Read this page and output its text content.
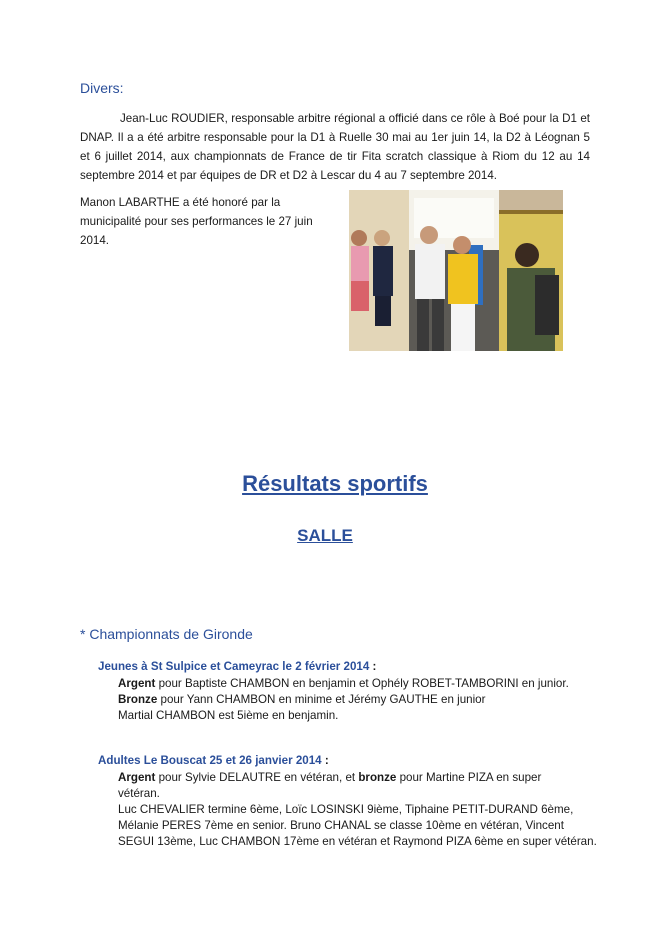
Divers:

Jean-Luc ROUDIER, responsable arbitre régional a officié dans ce rôle à Boé pour la D1 et DNAP. Il a a été arbitre responsable pour la D1 à Ruelle 30 mai au 1er juin 14, la D2 à Léognan 5 et 6 juillet 2014, aux championnats de France de tir Fita scratch classique à Riom du 12 au 14 septembre 2014 et par équipes de DR et D2 à Lescar du 4 au 7 septembre 2014.

Manon LABARTHE a été honoré par la municipalité pour ses performances le 27 juin 2014.

Résultats sportifs
SALLE
* Championnats de Gironde
Jeunes à St Sulpice et Cameyrac le 2 février 2014 :
Argent pour Baptiste CHAMBON en benjamin et Ophély ROBET-TAMBORINI en junior.
Bronze pour Yann CHAMBON en minime et Jérémy GAUTHE en junior
Martial CHAMBON est 5ième en benjamin.
Adultes Le Bouscat 25 et 26 janvier 2014 :
Argent pour Sylvie DELAUTRE en vétéran, et bronze pour Martine PIZA en super
vétéran.
Luc CHEVALIER termine 6ème, Loïc LOSINSKI 9ième, Tiphaine PETIT-DURAND 6ème,
Mélanie PERES 7ème en senior. Bruno CHANAL se classe 10ème en vétéran, Vincent
SEGUI 13ème, Luc CHAMBON 17ème en vétéran et Raymond PIZA 6ème en super vétéran.
